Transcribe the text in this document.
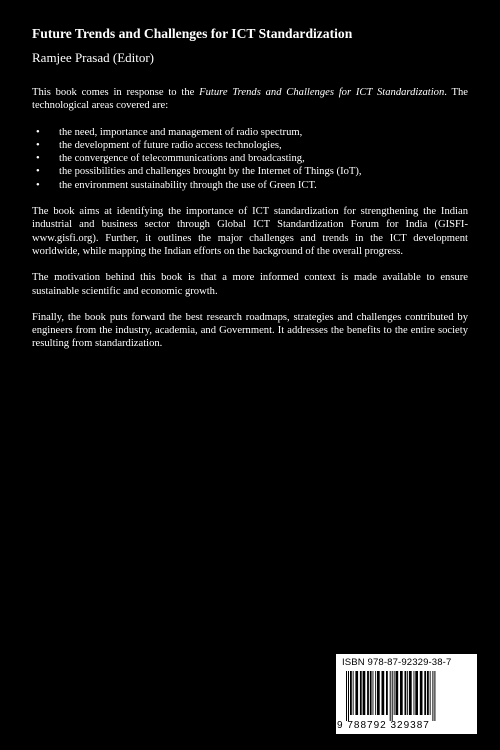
Future Trends and Challenges for ICT Standardization
Ramjee Prasad (Editor)

This book comes in response to the Future Trends and Challenges for ICT Standardization. The technological areas covered are:

• the need, importance and management of radio spectrum,
• the development of future radio access technologies,
• the convergence of telecommunications and broadcasting,
• the possibilities and challenges brought by the Internet of Things (IoT),
• the environment sustainability through the use of Green ICT.

The book aims at identifying the importance of ICT standardization for strengthening the Indian industrial and business sector through Global ICT Standardization Forum for India (GISFI-www.gisfi.org). Further, it outlines the major challenges and trends in the ICT development worldwide, while mapping the Indian efforts on the background of the overall progress.

The motivation behind this book is that a more informed context is made available to ensure sustainable scientific and economic growth.

Finally, the book puts forward the best research roadmaps, strategies and challenges contributed by engineers from the industry, academia, and Government. It addresses the benefits to the entire society resulting from standardization.

ISBN 978-87-92329-38-7
9 788792 329387
